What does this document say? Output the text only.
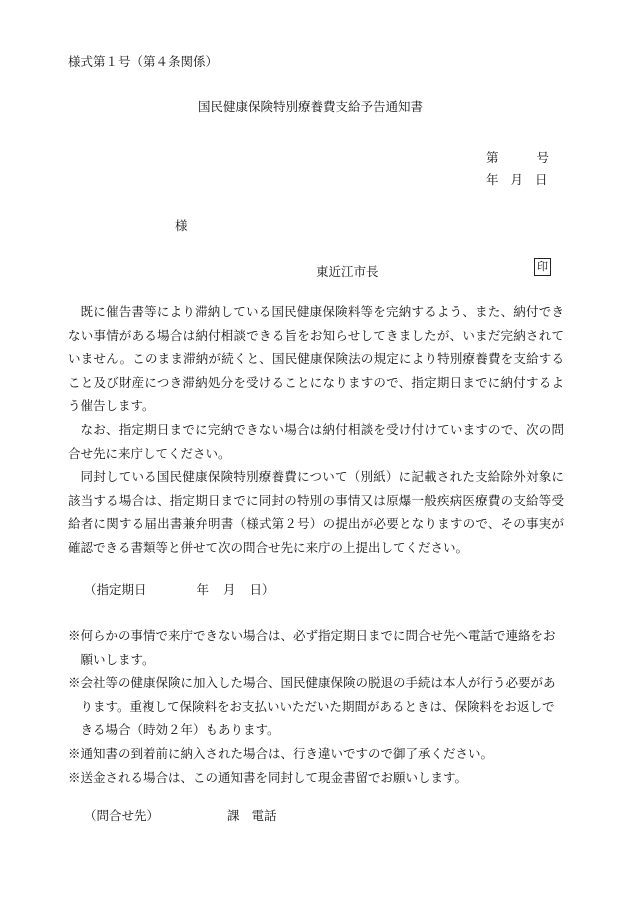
様式第１号（第４条関係）
国民健康保険特別療養費支給予告通知書
第	号
年 月 日
様
東近江市長	印

既に催告書等により滞納している国民健康保険料等を完納するよう、また、納付できない事情がある場合は納付相談できる旨をお知らせしてきましたが、いまだ完納されていません。このまま滞納が続くと、国民健康保険法の規定により特別療養費を支給すること及び財産につき滞納処分を受けることになりますので、指定期日までに納付するよう催告します。

なお、指定期日までに完納できない場合は納付相談を受け付けていますので、次の問合せ先に来庁してください。

同封している国民健康保険特別療養費について（別紙）に記載された支給除外対象に該当する場合は、指定期日までに同封の特別の事情又は原爆一般疾病医療費の支給等受給者に関する届出書兼弁明書（様式第２号）の提出が必要となりますので、その事実が確認できる書類等と併せて次の問合せ先に来庁の上提出してください。

（指定期日	年 月 日）

※何らかの事情で来庁できない場合は、必ず指定期日までに問合せ先へ電話で連絡をお願いします。

※会社等の健康保険に加入した場合、国民健康保険の脱退の手続は本人が行う必要があります。重複して保険料をお支払いいただいた期間があるときは、保険料をお返しできる場合（時効２年）もあります。

※通知書の到着前に納入された場合は、行き違いですので御了承ください。

※送金される場合は、この通知書を同封して現金書留でお願いします。

（問合せ先）	課 電話
